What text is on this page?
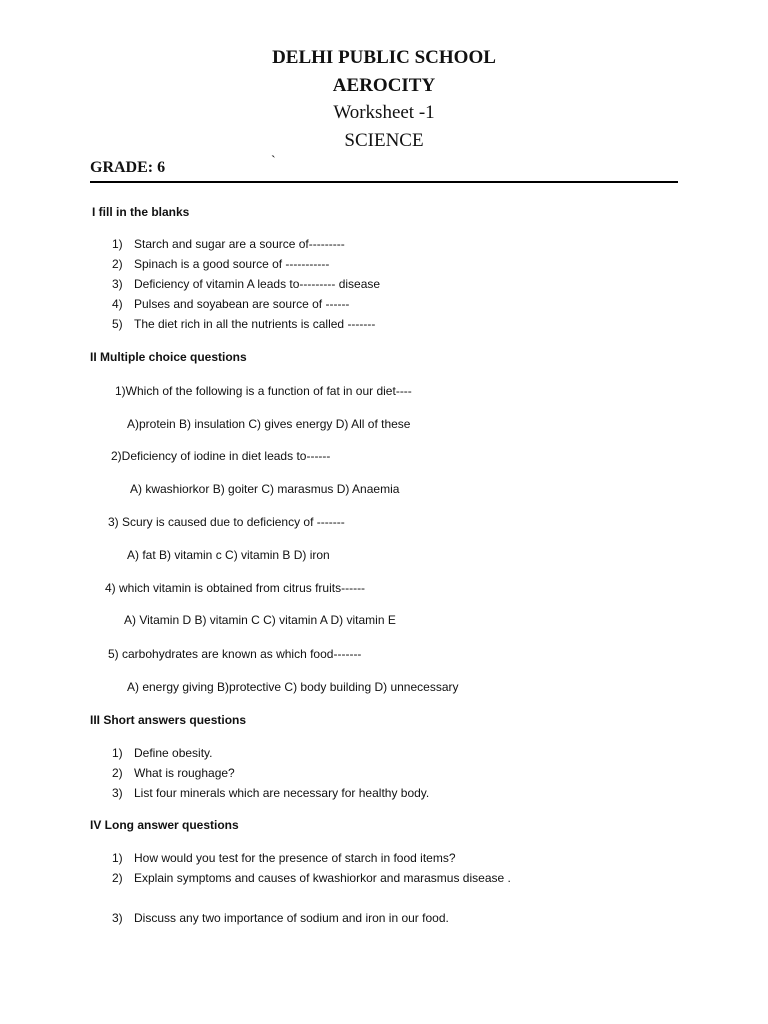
DELHI PUBLIC SCHOOL
AEROCITY
Worksheet -1
SCIENCE
GRADE: 6	`
I fill in the blanks
1) Starch and sugar are a source of---------
2) Spinach is a good source of -----------
3) Deficiency of vitamin A leads to--------- disease
4) Pulses and soyabean are source of ------
5) The diet rich in all the nutrients is called -------
II Multiple choice questions
1)Which of the following is a function of fat in our diet----
A)protein B) insulation C) gives energy D) All of these
2)Deficiency of iodine in diet leads to------
A) kwashiorkor B) goiter C) marasmus D) Anaemia
3) Scury is caused due to deficiency of -------
A) fat B) vitamin c C) vitamin B D) iron
4) which vitamin is obtained from citrus fruits------
A) Vitamin D B) vitamin C C) vitamin A D) vitamin E
5) carbohydrates are known as which food-------
A) energy giving B)protective C) body building D) unnecessary
III Short answers questions
1) Define obesity.
2) What is roughage?
3) List four minerals which are necessary for healthy body.
IV Long answer questions
1) How would you test for the presence of starch in food items?
2) Explain symptoms and causes of kwashiorkor and marasmus disease .
3) Discuss any two importance of sodium and iron in our food.
